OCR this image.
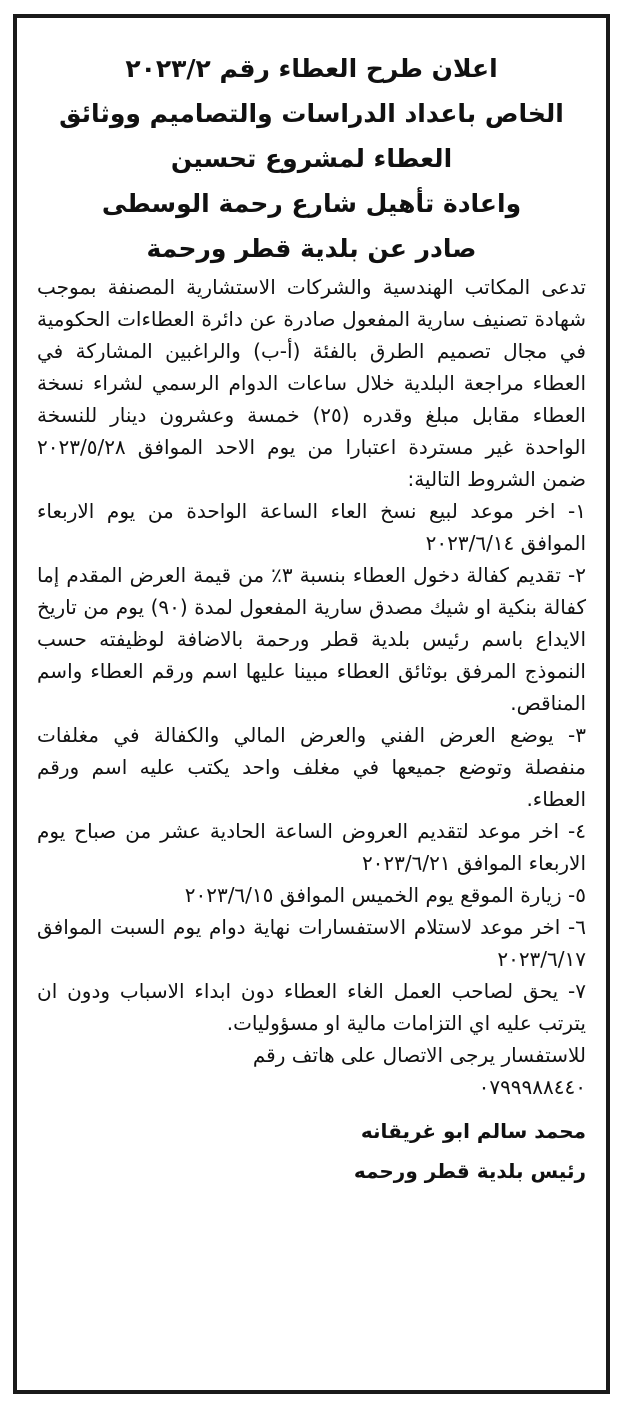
اعلان طرح العطاء رقم ٢٠٢٣/٢
الخاص باعداد الدراسات والتصاميم ووثائق
العطاء لمشروع تحسين
واعادة تأهيل شارع رحمة الوسطى
صادر عن بلدية قطر ورحمة

تدعى المكاتب الهندسية والشركات الاستشارية المصنفة بموجب شهادة تصنيف سارية المفعول صادرة عن دائرة العطاءات الحكومية في مجال تصميم الطرق بالفئة (أ-ب) والراغبين المشاركة في العطاء مراجعة البلدية خلال ساعات الدوام الرسمي لشراء نسخة العطاء مقابل مبلغ وقدره (٢٥) خمسة وعشرون دينار للنسخة الواحدة غير مستردة اعتبارا من يوم الاحد الموافق ٢٠٢٣/٥/٢٨ ضمن الشروط التالية:

١- اخر موعد لبيع نسخ العاء الساعة الواحدة من يوم الاربعاء الموافق ٢٠٢٣/٦/١٤

٢- تقديم كفالة دخول العطاء بنسبة ٣٪ من قيمة العرض المقدم إما كفالة بنكية او شيك مصدق سارية المفعول لمدة (٩٠) يوم من تاريخ الايداع باسم رئيس بلدية قطر ورحمة بالاضافة لوظيفته حسب النموذج المرفق بوثائق العطاء مبينا عليها اسم ورقم العطاء واسم المناقص.

٣- يوضع العرض الفني والعرض المالي والكفالة في مغلفات منفصلة وتوضع جميعها في مغلف واحد يكتب عليه اسم ورقم العطاء.

٤- اخر موعد لتقديم العروض الساعة الحادية عشر من صباح يوم الاربعاء الموافق ٢٠٢٣/٦/٢١

٥- زيارة الموقع يوم الخميس الموافق ٢٠٢٣/٦/١٥

٦- اخر موعد لاستلام الاستفسارات نهاية دوام يوم السبت الموافق ٢٠٢٣/٦/١٧

٧- يحق لصاحب العمل الغاء العطاء دون ابداء الاسباب ودون ان يترتب عليه اي التزامات مالية او مسؤوليات.

للاستفسار يرجى الاتصال على هاتف رقم

٠٧٩٩٩٨٨٤٤٠

محمد سالم ابو غريقانه
رئيس بلدية قطر ورحمه
